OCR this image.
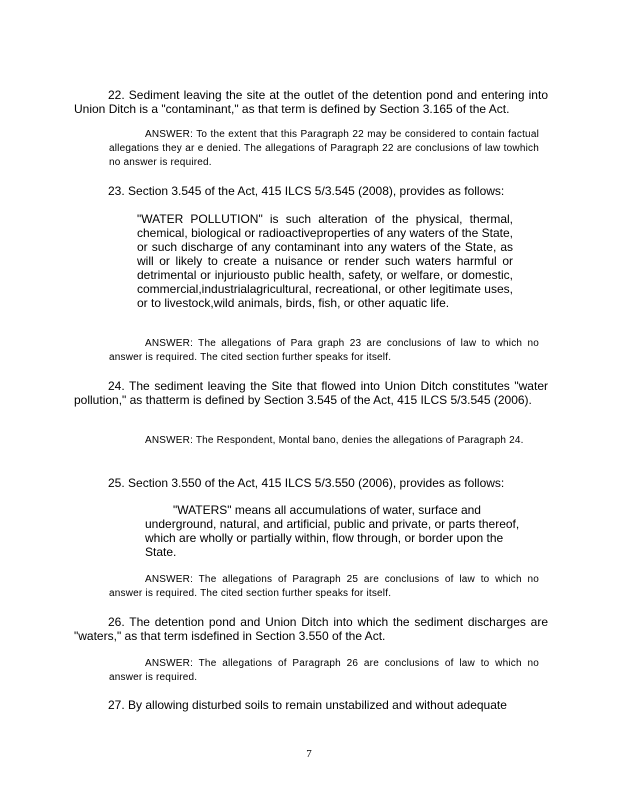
22. Sediment leaving the site at the outlet of the detention pond and entering into Union Ditch is a "contaminant," as that term is defined by Section 3.165 of the Act.
ANSWER: To the extent that this Paragraph 22 may be considered to contain factual allegations they ar e denied. The allegations of Paragraph 22 are conclusions of law towhich no answer is required.
23. Section 3.545 of the Act, 415 ILCS 5/3.545 (2008), provides as follows:
"WATER POLLUTION" is such alteration of the physical, thermal, chemical, biological or radioactiveproperties of any waters of the State, or such discharge of any contaminant into any waters of the State, as will or likely to create a nuisance or render such waters harmful or detrimental or injuriousto public health, safety, or welfare, or domestic, commercial,industrialagricultural, recreational, or other legitimate uses, or to livestock,wild animals, birds, fish, or other aquatic life.
ANSWER: The allegations of Para graph 23 are conclusions of law to which no answer is required. The cited section further speaks for itself.
24. The sediment leaving the Site that flowed into Union Ditch constitutes "water pollution," as thatterm is defined by Section 3.545 of the Act, 415 ILCS 5/3.545 (2006).
ANSWER: The Respondent, Montal bano, denies the allegations of Paragraph 24.
25. Section 3.550 of the Act, 415 ILCS 5/3.550 (2006), provides as follows:
"WATERS" means all accumulations of water, surface and underground, natural, and artificial, public and private, or parts thereof, which are wholly or partially within, flow through, or border upon the State.
ANSWER: The allegations of Paragraph 25 are conclusions of law to which no answer is required. The cited section further speaks for itself.
26. The detention pond and Union Ditch into which the sediment discharges are "waters," as that term isdefined in Section 3.550 of the Act.
ANSWER: The allegations of Paragraph 26 are conclusions of law to which no answer is required.
27. By allowing disturbed soils to remain unstabilized and without adequate
7
